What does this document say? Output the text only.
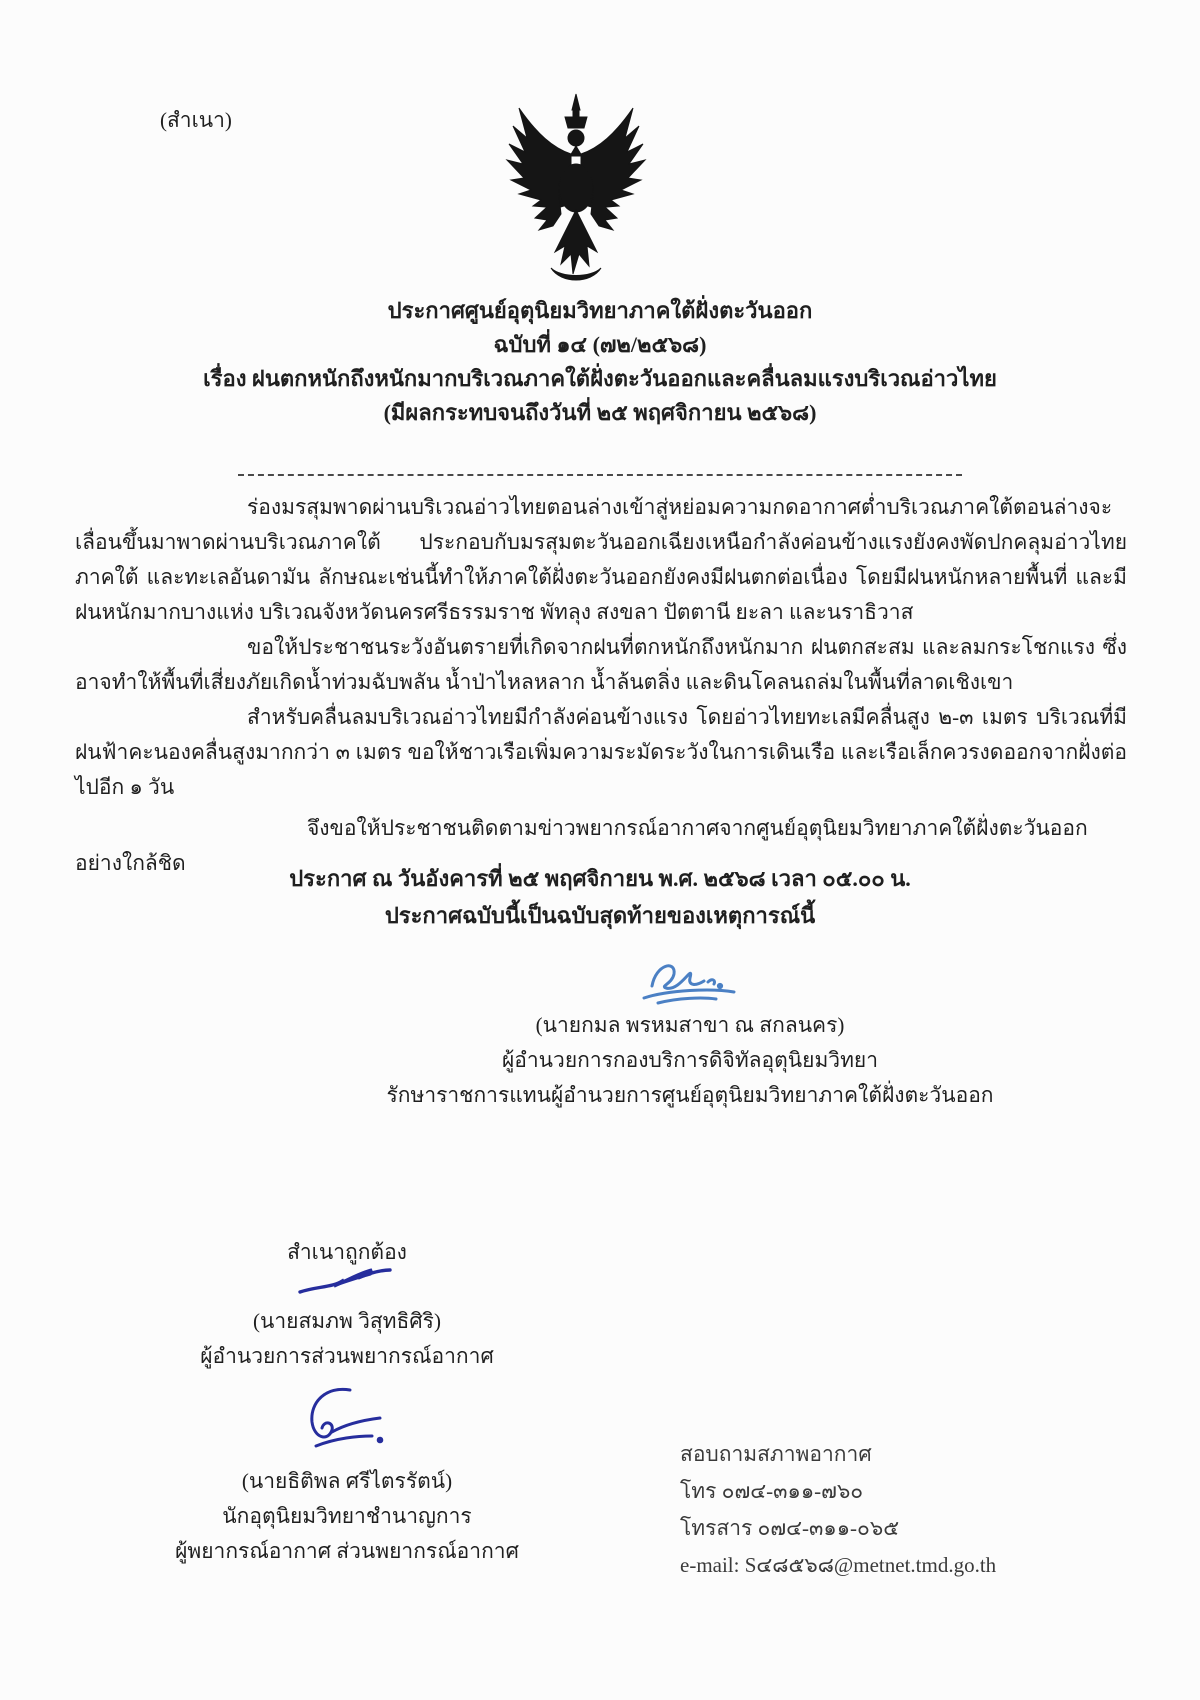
(สำเนา)
ประกาศศูนย์อุตุนิยมวิทยาภาคใต้ฝั่งตะวันออก
ฉบับที่ ๑๔ (๗๒/๒๕๖๘)
เรื่อง ฝนตกหนักถึงหนักมากบริเวณภาคใต้ฝั่งตะวันออกและคลื่นลมแรงบริเวณอ่าวไทย
(มีผลกระทบจนถึงวันที่ ๒๕ พฤศจิกายน ๒๕๖๘)

ร่องมรสุมพาดผ่านบริเวณอ่าวไทยตอนล่างเข้าสู่หย่อมความกดอากาศต่ำบริเวณภาคใต้ตอนล่างจะเลื่อนขึ้นมาพาดผ่านบริเวณภาคใต้ ประกอบกับมรสุมตะวันออกเฉียงเหนือกำลังค่อนข้างแรงยังคงพัดปกคลุมอ่าวไทย ภาคใต้ และทะเลอันดามัน ลักษณะเช่นนี้ทำให้ภาคใต้ฝั่งตะวันออกยังคงมีฝนตกต่อเนื่อง โดยมีฝนหนักหลายพื้นที่ และมีฝนหนักมากบางแห่ง บริเวณจังหวัดนครศรีธรรมราช พัทลุง สงขลา ปัตตานี ยะลา และนราธิวาส

ขอให้ประชาชนระวังอันตรายที่เกิดจากฝนที่ตกหนักถึงหนักมาก ฝนตกสะสม และลมกระโชกแรง ซึ่งอาจทำให้พื้นที่เสี่ยงภัยเกิดน้ำท่วมฉับพลัน น้ำป่าไหลหลาก น้ำล้นตลิ่ง และดินโคลนถล่มในพื้นที่ลาดเชิงเขา

สำหรับคลื่นลมบริเวณอ่าวไทยมีกำลังค่อนข้างแรง โดยอ่าวไทยทะเลมีคลื่นสูง ๒-๓ เมตร บริเวณที่มีฝนฟ้าคะนองคลื่นสูงมากกว่า ๓ เมตร ขอให้ชาวเรือเพิ่มความระมัดระวังในการเดินเรือ และเรือเล็กควรงดออกจากฝั่งต่อไปอีก ๑ วัน

จึงขอให้ประชาชนติดตามข่าวพยากรณ์อากาศจากศูนย์อุตุนิยมวิทยาภาคใต้ฝั่งตะวันออกอย่างใกล้ชิด

ประกาศ ณ วันอังคารที่ ๒๕ พฤศจิกายน พ.ศ. ๒๕๖๘ เวลา ๐๕.๐๐ น.
ประกาศฉบับนี้เป็นฉบับสุดท้ายของเหตุการณ์นี้
(นายกมล พรหมสาขา ณ สกลนคร)
ผู้อำนวยการกองบริการดิจิทัลอุตุนิยมวิทยา
รักษาราชการแทนผู้อำนวยการศูนย์อุตุนิยมวิทยาภาคใต้ฝั่งตะวันออก
สำเนาถูกต้อง
(นายสมภพ วิสุทธิศิริ)
ผู้อำนวยการส่วนพยากรณ์อากาศ
(นายธิติพล ศรีไตรรัตน์)
นักอุตุนิยมวิทยาชำนาญการ
ผู้พยากรณ์อากาศ ส่วนพยากรณ์อากาศ
สอบถามสภาพอากาศ
โทร ๐๗๔-๓๑๑-๗๖๐
โทรสาร ๐๗๔-๓๑๑-๐๖๕
e-mail: S๔๘๕๖๘@metnet.tmd.go.th
